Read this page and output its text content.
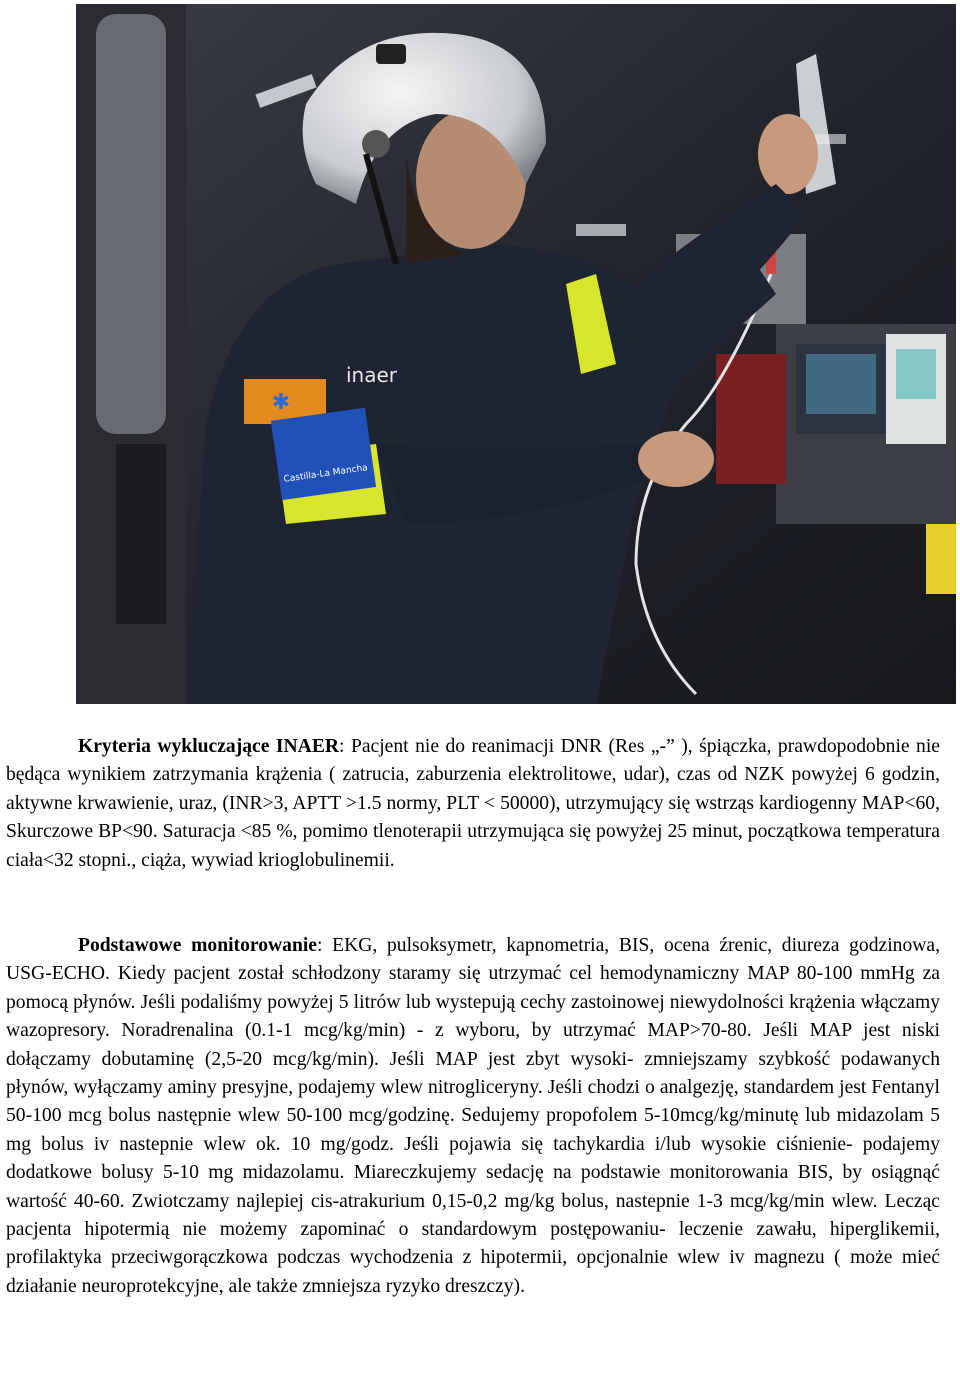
✱
Castilla-La Mancha
inaer
Kryteria wykluczające INAER: Pacjent nie do reanimacji DNR (Res „-” ), śpiączka, prawdopodobnie nie będąca wynikiem zatrzymania krążenia ( zatrucia, zaburzenia elektrolitowe, udar), czas od NZK powyżej 6 godzin, aktywne krwawienie, uraz, (INR>3, APTT >1.5 normy, PLT < 50000), utrzymujący się wstrząs kardiogenny MAP<60, Skurczowe BP<90. Saturacja <85 %, pomimo tlenoterapii utrzymująca się powyżej 25 minut, początkowa temperatura ciała<32 stopni., ciąża, wywiad krioglobulinemii.
Podstawowe monitorowanie: EKG, pulsoksymetr, kapnometria, BIS, ocena źrenic, diureza godzinowa, USG-ECHO. Kiedy pacjent został schłodzony staramy się utrzymać cel hemodynamiczny MAP 80-100 mmHg za pomocą płynów. Jeśli podaliśmy powyżej 5 litrów lub wystepują cechy zastoinowej niewydolności krążenia włączamy wazopresory. Noradrenalina (0.1-1 mcg/kg/min) - z wyboru, by utrzymać MAP>70-80. Jeśli MAP jest niski dołączamy dobutaminę (2,5-20 mcg/kg/min). Jeśli MAP jest zbyt wysoki- zmniejszamy szybkość podawanych płynów, wyłączamy aminy presyjne, podajemy wlew nitrogliceryny. Jeśli chodzi o analgezję, standardem jest Fentanyl 50-100 mcg bolus następnie wlew 50-100 mcg/godzinę. Sedujemy propofolem 5-10mcg/kg/minutę lub midazolam 5 mg bolus iv nastepnie wlew ok. 10 mg/godz. Jeśli pojawia się tachykardia i/lub wysokie ciśnienie- podajemy dodatkowe bolusy 5-10 mg midazolamu. Miareczkujemy sedację na podstawie monitorowania BIS, by osiągnąć wartość 40-60. Zwiotczamy najlepiej cis-atrakurium 0,15-0,2 mg/kg bolus, nastepnie 1-3 mcg/kg/min wlew. Lecząc pacjenta hipotermią nie możemy zapominać o standardowym postępowaniu- leczenie zawału, hiperglikemii, profilaktyka przeciwgorączkowa podczas wychodzenia z hipotermii, opcjonalnie wlew iv magnezu ( może mieć działanie neuroprotekcyjne, ale także zmniejsza ryzyko dreszczy).
